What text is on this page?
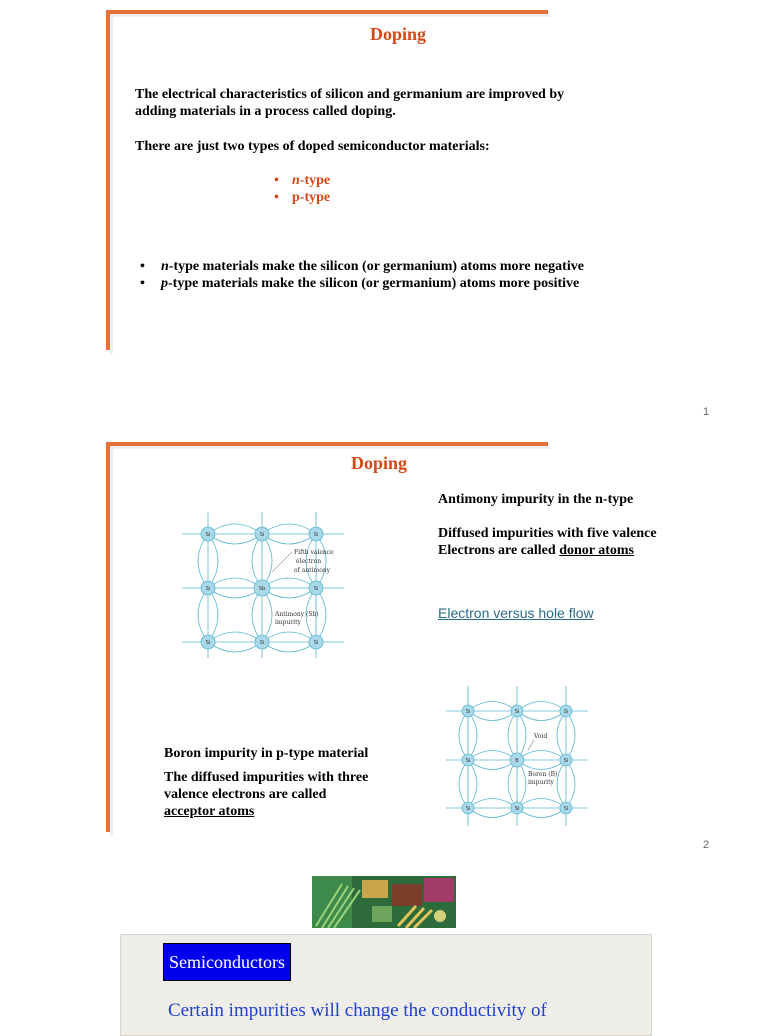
Doping
The electrical characteristics of silicon and germanium are improved by
adding materials in a process called doping.
There are just two types of doped semiconductor materials:
• n-type
• p-type
• n-type materials make the silicon (or germanium) atoms more negative
• p-type materials make the silicon (or germanium) atoms more positive
1
Doping
Si	Si	Si
Si	Sb	Si
Si	Si	Si
Fifth valence
electron
of antimony
Antimony (Sb)
impurity
Antimony impurity in the n-type
Diffused impurities with five valence
Electrons are called donor atoms
Electron versus hole flow
Si	Si	Si
Si	B	Si
Si	Si	Si
Void
Boron (B)
impurity
Boron impurity in p-type material
The diffused impurities with three
valence electrons are called
acceptor atoms
2
Semiconductors
Certain impurities will change the conductivity of
